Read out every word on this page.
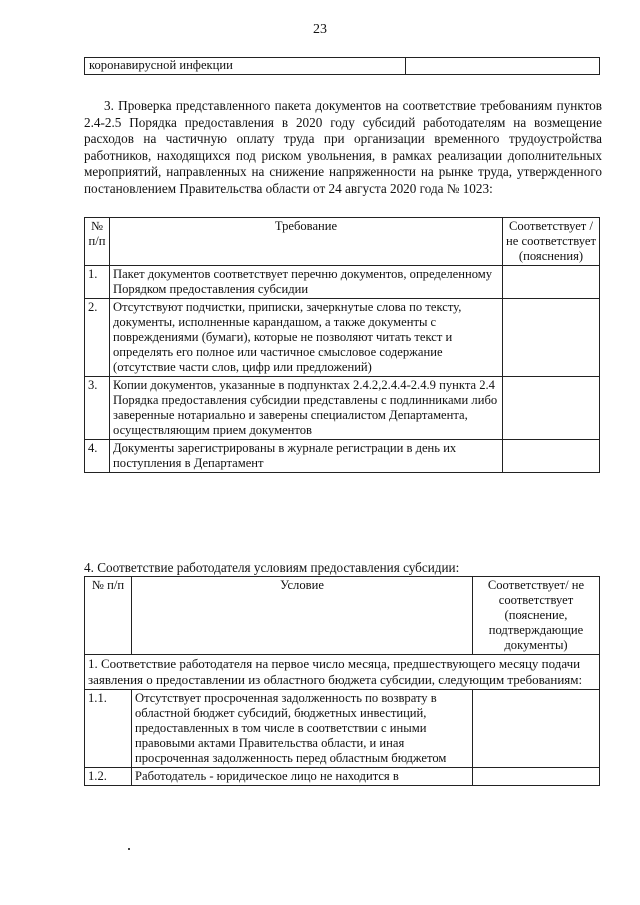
23
коронавирусной инфекции	

3. Проверка представленного пакета документов на соответствие требованиям пунктов 2.4-2.5 Порядка предоставления в 2020 году субсидий работодателям на возмещение расходов на частичную оплату труда при организации временного трудоустройства работников, находящихся под риском увольнения, в рамках реализации дополнительных мероприятий, направленных на снижение напряженности на рынке труда, утвержденного постановлением Правительства области от 24 августа 2020 года № 1023:

№ п/п	Требование	Соответствует /не соответствует (пояснения)
1.	Пакет документов соответствует перечню документов, определенному Порядком предоставления субсидии	
2.	Отсутствуют подчистки, приписки, зачеркнутые слова по тексту, документы, исполненные карандашом, а также документы с повреждениями (бумаги), которые не позволяют читать текст и определять его полное или частичное смысловое содержание (отсутствие части слов, цифр или предложений)	
3.	Копии документов, указанные в подпунктах 2.4.2,2.4.4-2.4.9 пункта 2.4 Порядка предоставления субсидии представлены с подлинниками либо заверенные нотариально и заверены специалистом Департамента, осуществляющим прием документов	
4.	Документы зарегистрированы в журнале регистрации в день их поступления в Департамент	

4. Соответствие работодателя условиям предоставления субсидии:

№ п/п	Условие	Соответствует/ не соответствует (пояснение, подтверждающие документы)
1. Соответствие работодателя на первое число месяца, предшествующего месяцу подачи заявления о предоставлении из областного бюджета субсидии, следующим требованиям:		
1.1.	Отсутствует просроченная задолженность по возврату в областной бюджет субсидий, бюджетных инвестиций, предоставленных в том числе в соответствии с иными правовыми актами Правительства области, и иная просроченная задолженность перед областным бюджетом	
1.2.	Работодатель - юридическое лицо не находится в	
